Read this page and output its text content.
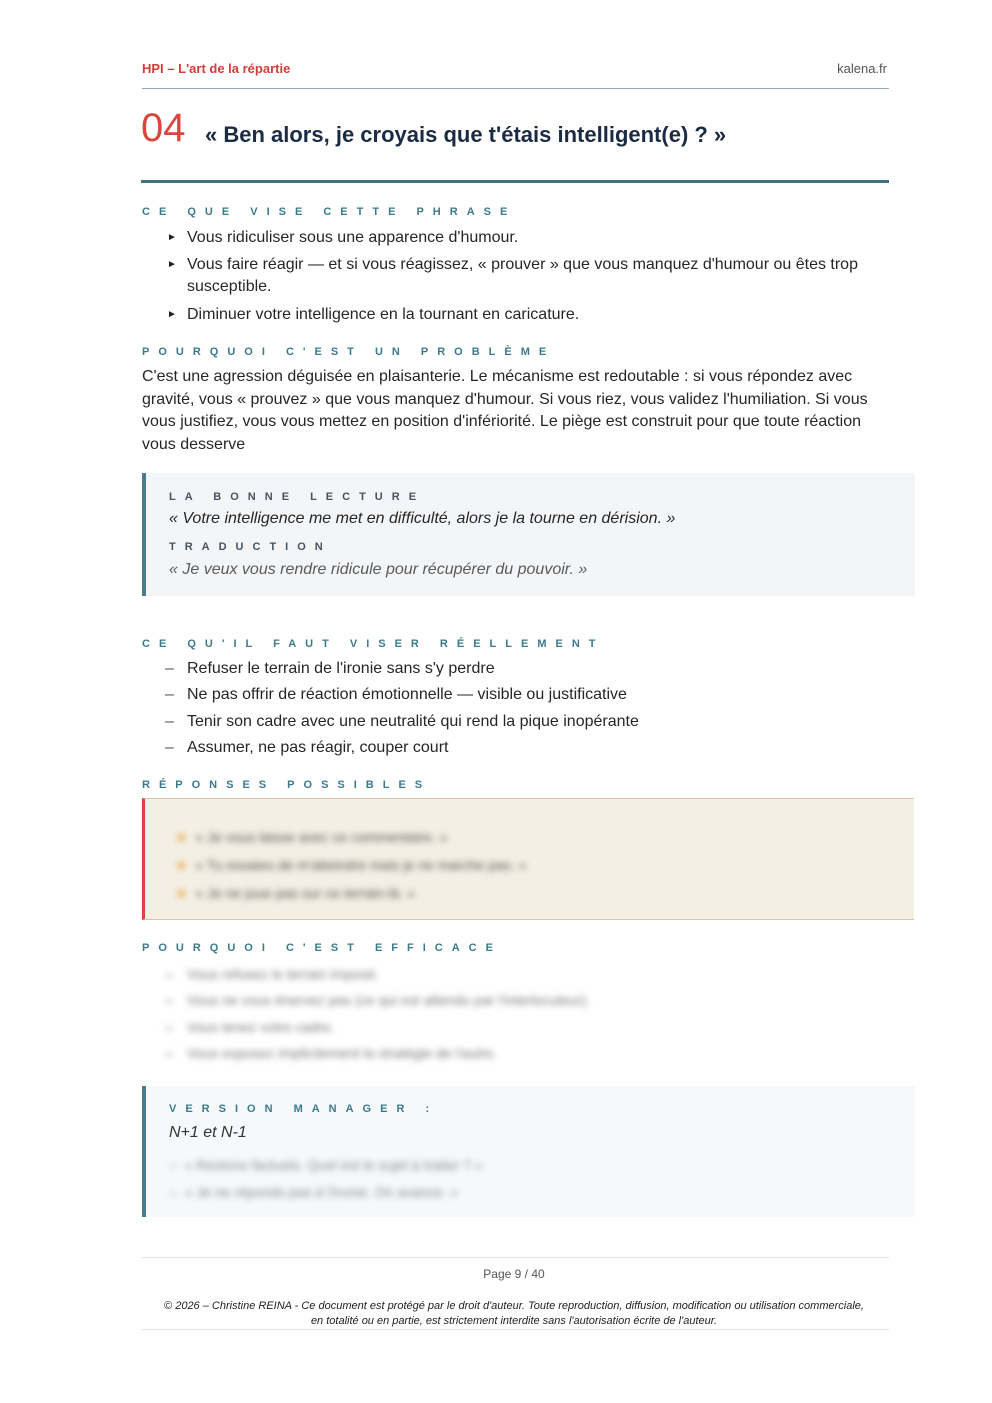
HPI – L'art de la répartie	kalena.fr
04 « Ben alors, je croyais que t'étais intelligent(e) ? »
CE QUE VISE CETTE PHRASE
► Vous ridiculiser sous une apparence d'humour.
► Vous faire réagir — et si vous réagissez, « prouver » que vous manquez d'humour ou êtes trop susceptible.
► Diminuer votre intelligence en la tournant en caricature.
POURQUOI C'EST UN PROBLÈME
C'est une agression déguisée en plaisanterie. Le mécanisme est redoutable : si vous répondez avec gravité, vous « prouvez » que vous manquez d'humour. Si vous riez, vous validez l'humiliation. Si vous vous justifiez, vous vous mettez en position d'infériorité. Le piège est construit pour que toute réaction vous desserve
LA BONNE LECTURE
« Votre intelligence me met en difficulté, alors je la tourne en dérision. »
TRADUCTION
« Je veux vous rendre ridicule pour récupérer du pouvoir. »
CE QU'IL FAUT VISER RÉELLEMENT
– Refuser le terrain de l'ironie sans s'y perdre
– Ne pas offrir de réaction émotionnelle — visible ou justificative
– Tenir son cadre avec une neutralité qui rend la pique inopérante
– Assumer, ne pas réagir, couper court
RÉPONSES POSSIBLES
★ « Je vous laisse avec ce commentaire. »
★ « Tu essaies de m'atteindre mais je ne marche pas. »
★ « Je ne joue pas sur ce terrain-là. »
POURQUOI C'EST EFFICACE
– Vous refusez le terrain imposé.
– Vous ne vous énervez pas (ce qui est attendu par l'interlocuteur).
– Vous tenez votre cadre.
– Vous exposez implicitement la stratégie de l'autre.
VERSION MANAGER :
N+1 et N-1
–  « Restons factuels. Quel est le sujet à traiter ? »
–  « Je ne réponds pas à l'ironie. On avance. »
Page 9 / 40
© 2026 – Christine REINA - Ce document est protégé par le droit d'auteur. Toute reproduction, diffusion, modification ou utilisation commerciale,
en totalité ou en partie, est strictement interdite sans l'autorisation écrite de l'auteur.
